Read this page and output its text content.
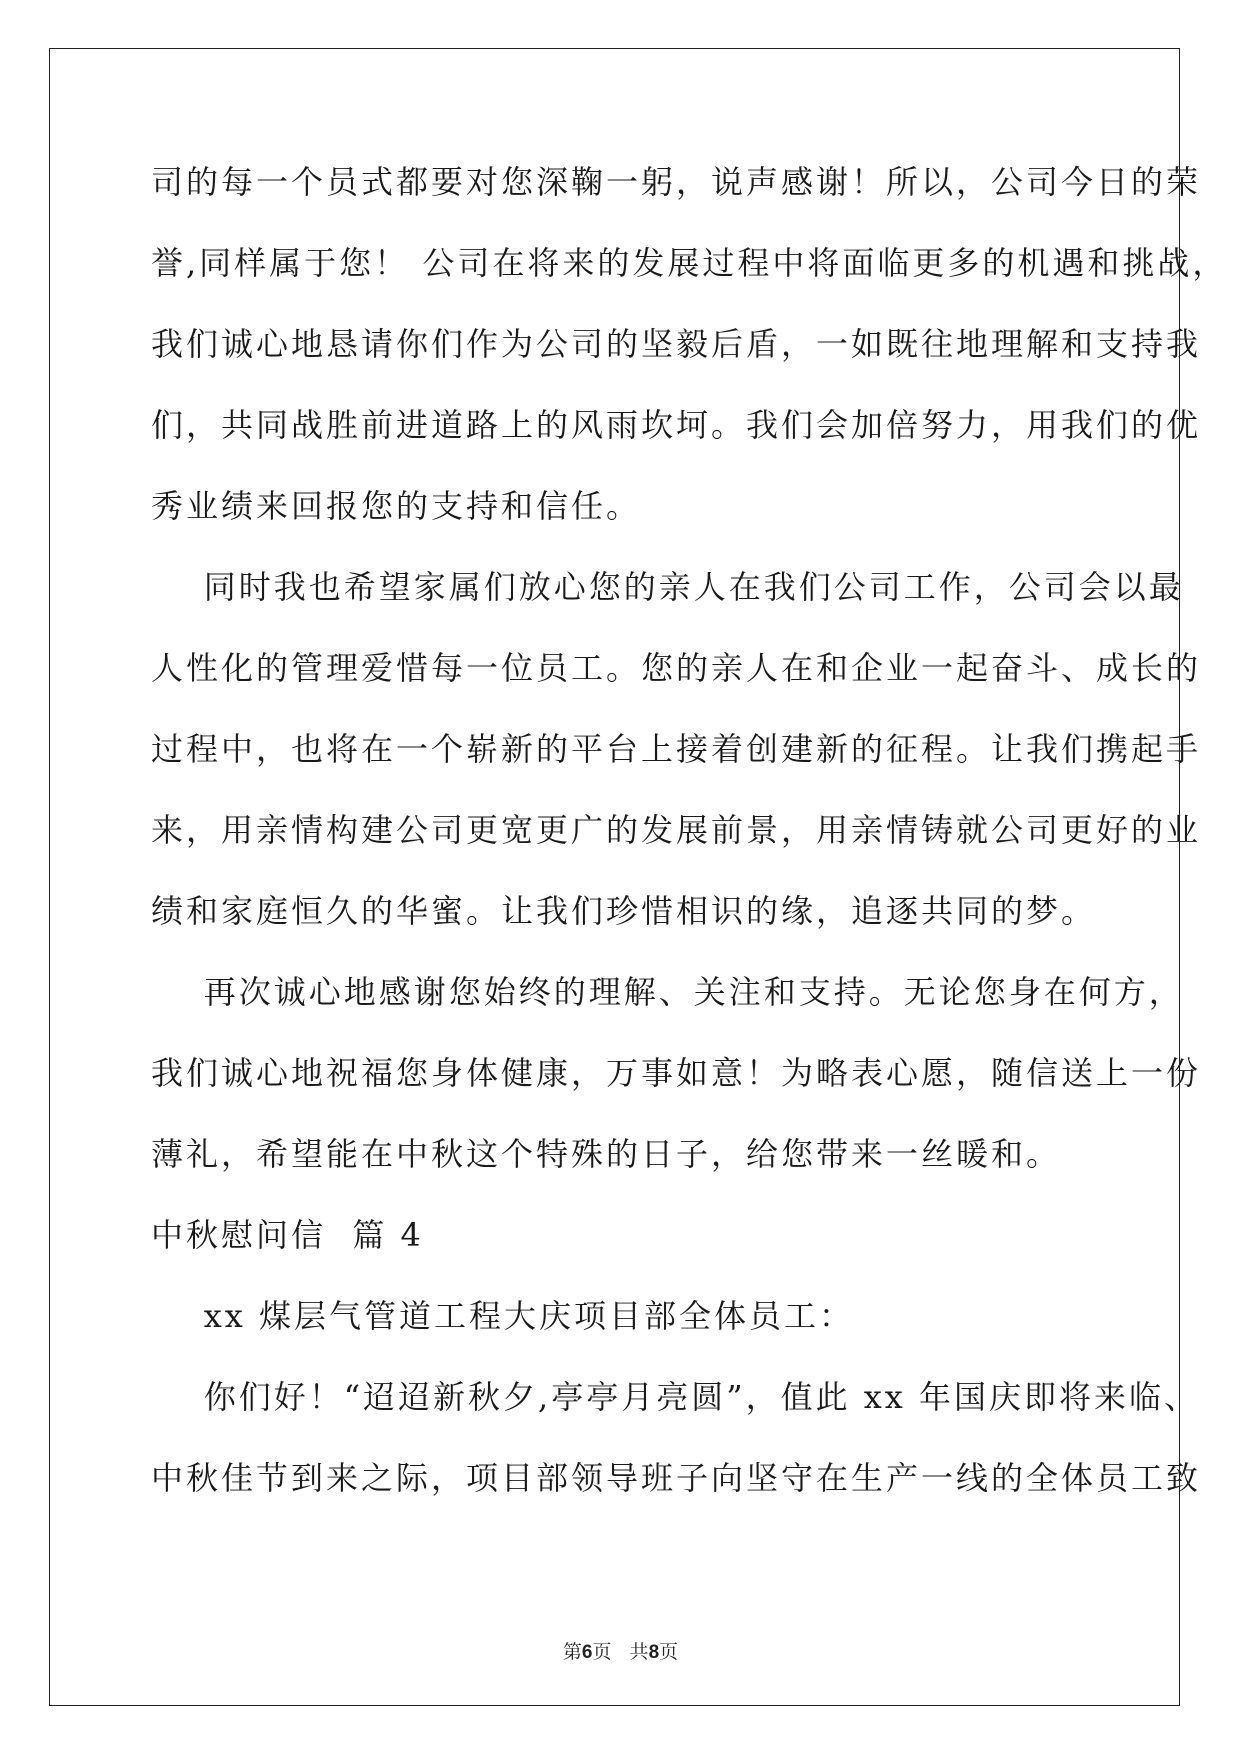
司的每一个员式都要对您深鞠一躬，说声感谢！所以，公司今日的荣
誉,同样属于您！ 公司在将来的发展过程中将面临更多的机遇和挑战，
我们诚心地恳请你们作为公司的坚毅后盾，一如既往地理解和支持我
们，共同战胜前进道路上的风雨坎坷。我们会加倍努力，用我们的优
秀业绩来回报您的支持和信任。
同时我也希望家属们放心您的亲人在我们公司工作，公司会以最
人性化的管理爱惜每一位员工。您的亲人在和企业一起奋斗、成长的
过程中，也将在一个崭新的平台上接着创建新的征程。让我们携起手
来，用亲情构建公司更宽更广的发展前景，用亲情铸就公司更好的业
绩和家庭恒久的华蜜。让我们珍惜相识的缘，追逐共同的梦。
再次诚心地感谢您始终的理解、关注和支持。无论您身在何方，
我们诚心地祝福您身体健康，万事如意！为略表心愿，随信送上一份
薄礼，希望能在中秋这个特殊的日子，给您带来一丝暖和。
中秋慰问信  篇 4
xx 煤层气管道工程大庆项目部全体员工：
你们好！“迢迢新秋夕,亭亭月亮圆”，值此 xx 年国庆即将来临、
中秋佳节到来之际，项目部领导班子向坚守在生产一线的全体员工致
第6页   共8页
